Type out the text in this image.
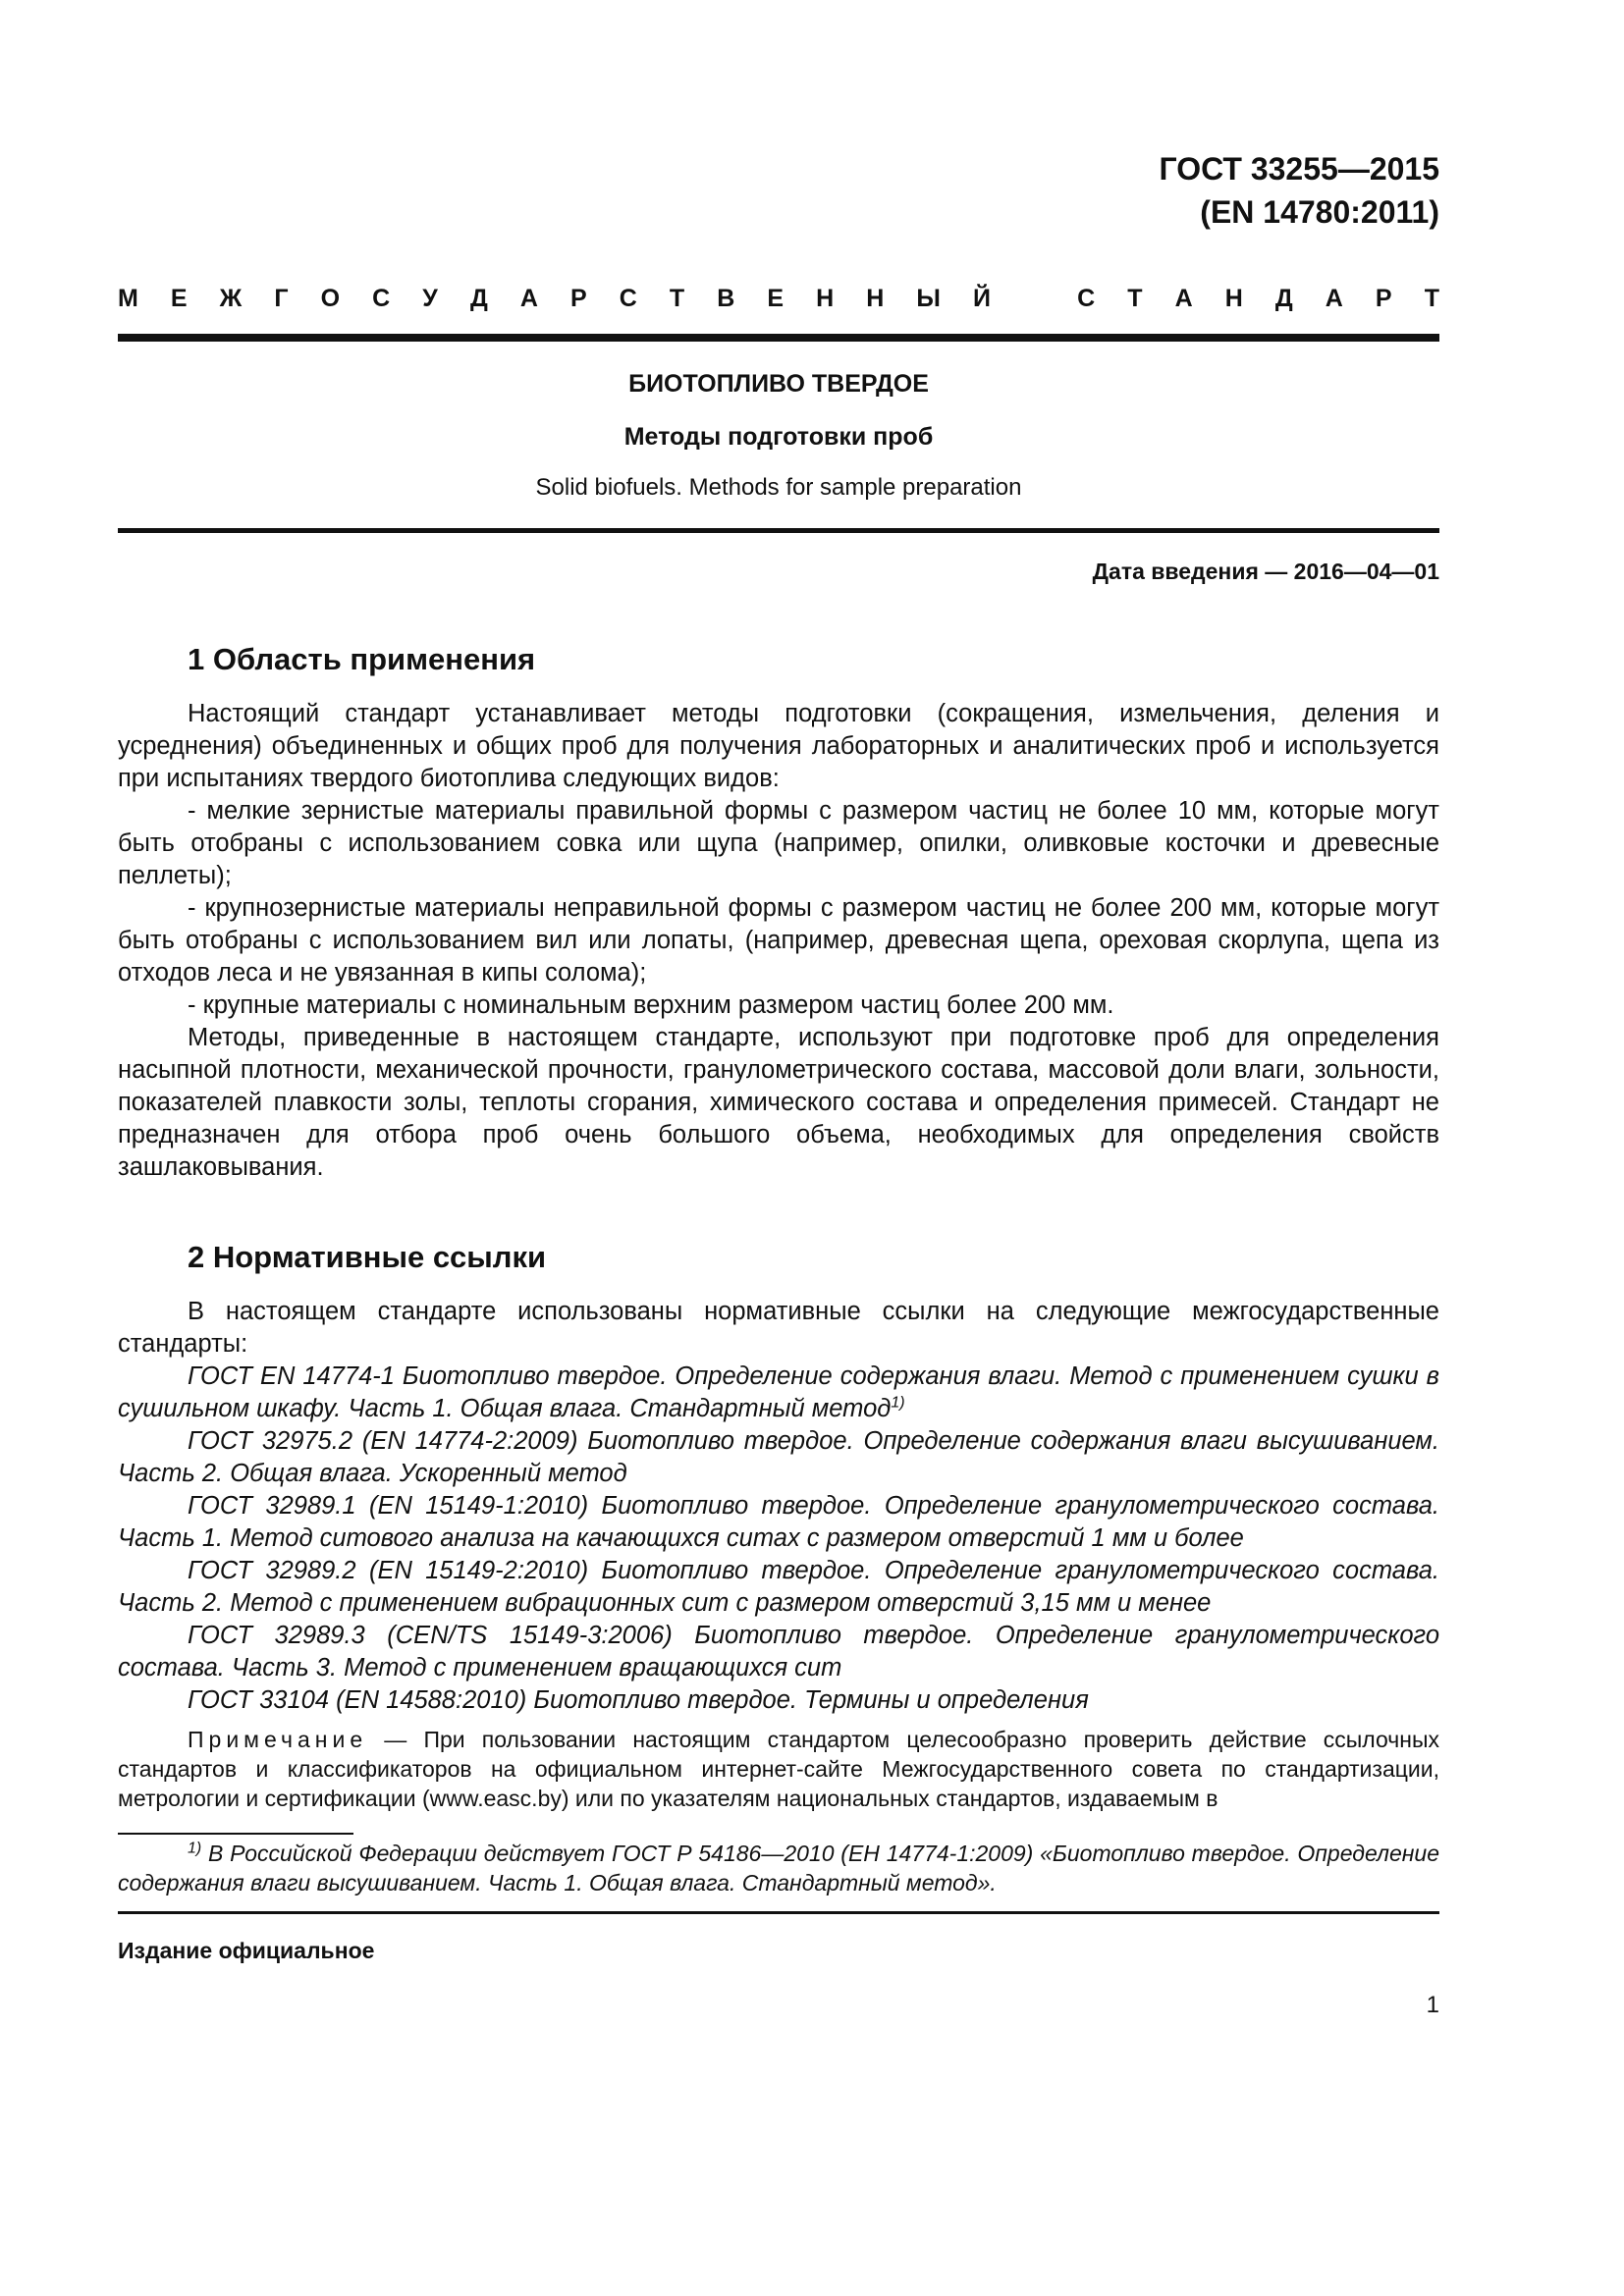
ГОСТ 33255—2015
(EN 14780:2011)
М Е Ж Г О С У Д А Р С Т В Е Н Н Ы Й	С Т А Н Д А Р Т
БИОТОПЛИВО ТВЕРДОЕ
Методы подготовки проб
Solid biofuels. Methods for sample preparation
Дата введения — 2016—04—01
1 Область применения

Настоящий стандарт устанавливает методы подготовки (сокращения, измельчения, деления и усреднения) объединенных и общих проб для получения лабораторных и аналитических проб и используется при испытаниях твердого биотоплива следующих видов:

- мелкие зернистые материалы правильной формы с размером частиц не более 10 мм, которые могут быть отобраны с использованием совка или щупа (например, опилки, оливковые косточки и древесные пеллеты);

- крупнозернистые материалы неправильной формы с размером частиц не более 200 мм, которые могут быть отобраны с использованием вил или лопаты, (например, древесная щепа, ореховая скорлупа, щепа из отходов леса и не увязанная в кипы солома);

- крупные материалы с номинальным верхним размером частиц более 200 мм.

Методы, приведенные в настоящем стандарте, используют при подготовке проб для определения насыпной плотности, механической прочности, гранулометрического состава, массовой доли влаги, зольности, показателей плавкости золы, теплоты сгорания, химического состава и определения примесей. Стандарт не предназначен для отбора проб очень большого объема, необходимых для определения свойств зашлаковывания.

2 Нормативные ссылки

В настоящем стандарте использованы нормативные ссылки на следующие межгосударственные стандарты:

ГОСТ EN 14774-1 Биотопливо твердое. Определение содержания влаги. Метод с применением сушки в сушильном шкафу. Часть 1. Общая влага. Стандартный метод$^{1)}$

ГОСТ 32975.2 (EN 14774-2:2009) Биотопливо твердое. Определение содержания влаги высушиванием. Часть 2. Общая влага. Ускоренный метод

ГОСТ 32989.1 (EN 15149-1:2010) Биотопливо твердое. Определение гранулометрического состава. Часть 1. Метод ситового анализа на качающихся ситах с размером отверстий 1 мм и более

ГОСТ 32989.2 (EN 15149-2:2010) Биотопливо твердое. Определение гранулометрического состава. Часть 2. Метод с применением вибрационных сит с размером отверстий 3,15 мм и менее

ГОСТ 32989.3 (CEN/TS 15149-3:2006) Биотопливо твердое. Определение гранулометрического состава. Часть 3. Метод с применением вращающихся сит

ГОСТ 33104 (EN 14588:2010) Биотопливо твердое. Термины и определения

Примечание — При пользовании настоящим стандартом целесообразно проверить действие ссылочных стандартов и классификаторов на официальном интернет-сайте Межгосударственного совета по стандартизации, метрологии и сертификации (www.easc.by) или по указателям национальных стандартов, издаваемым в
$^{1)}$ В Российской Федерации действует ГОСТ Р 54186—2010 (ЕН 14774-1:2009) «Биотопливо твердое. Определение содержания влаги высушиванием. Часть 1. Общая влага. Стандартный метод».
Издание официальное
1
